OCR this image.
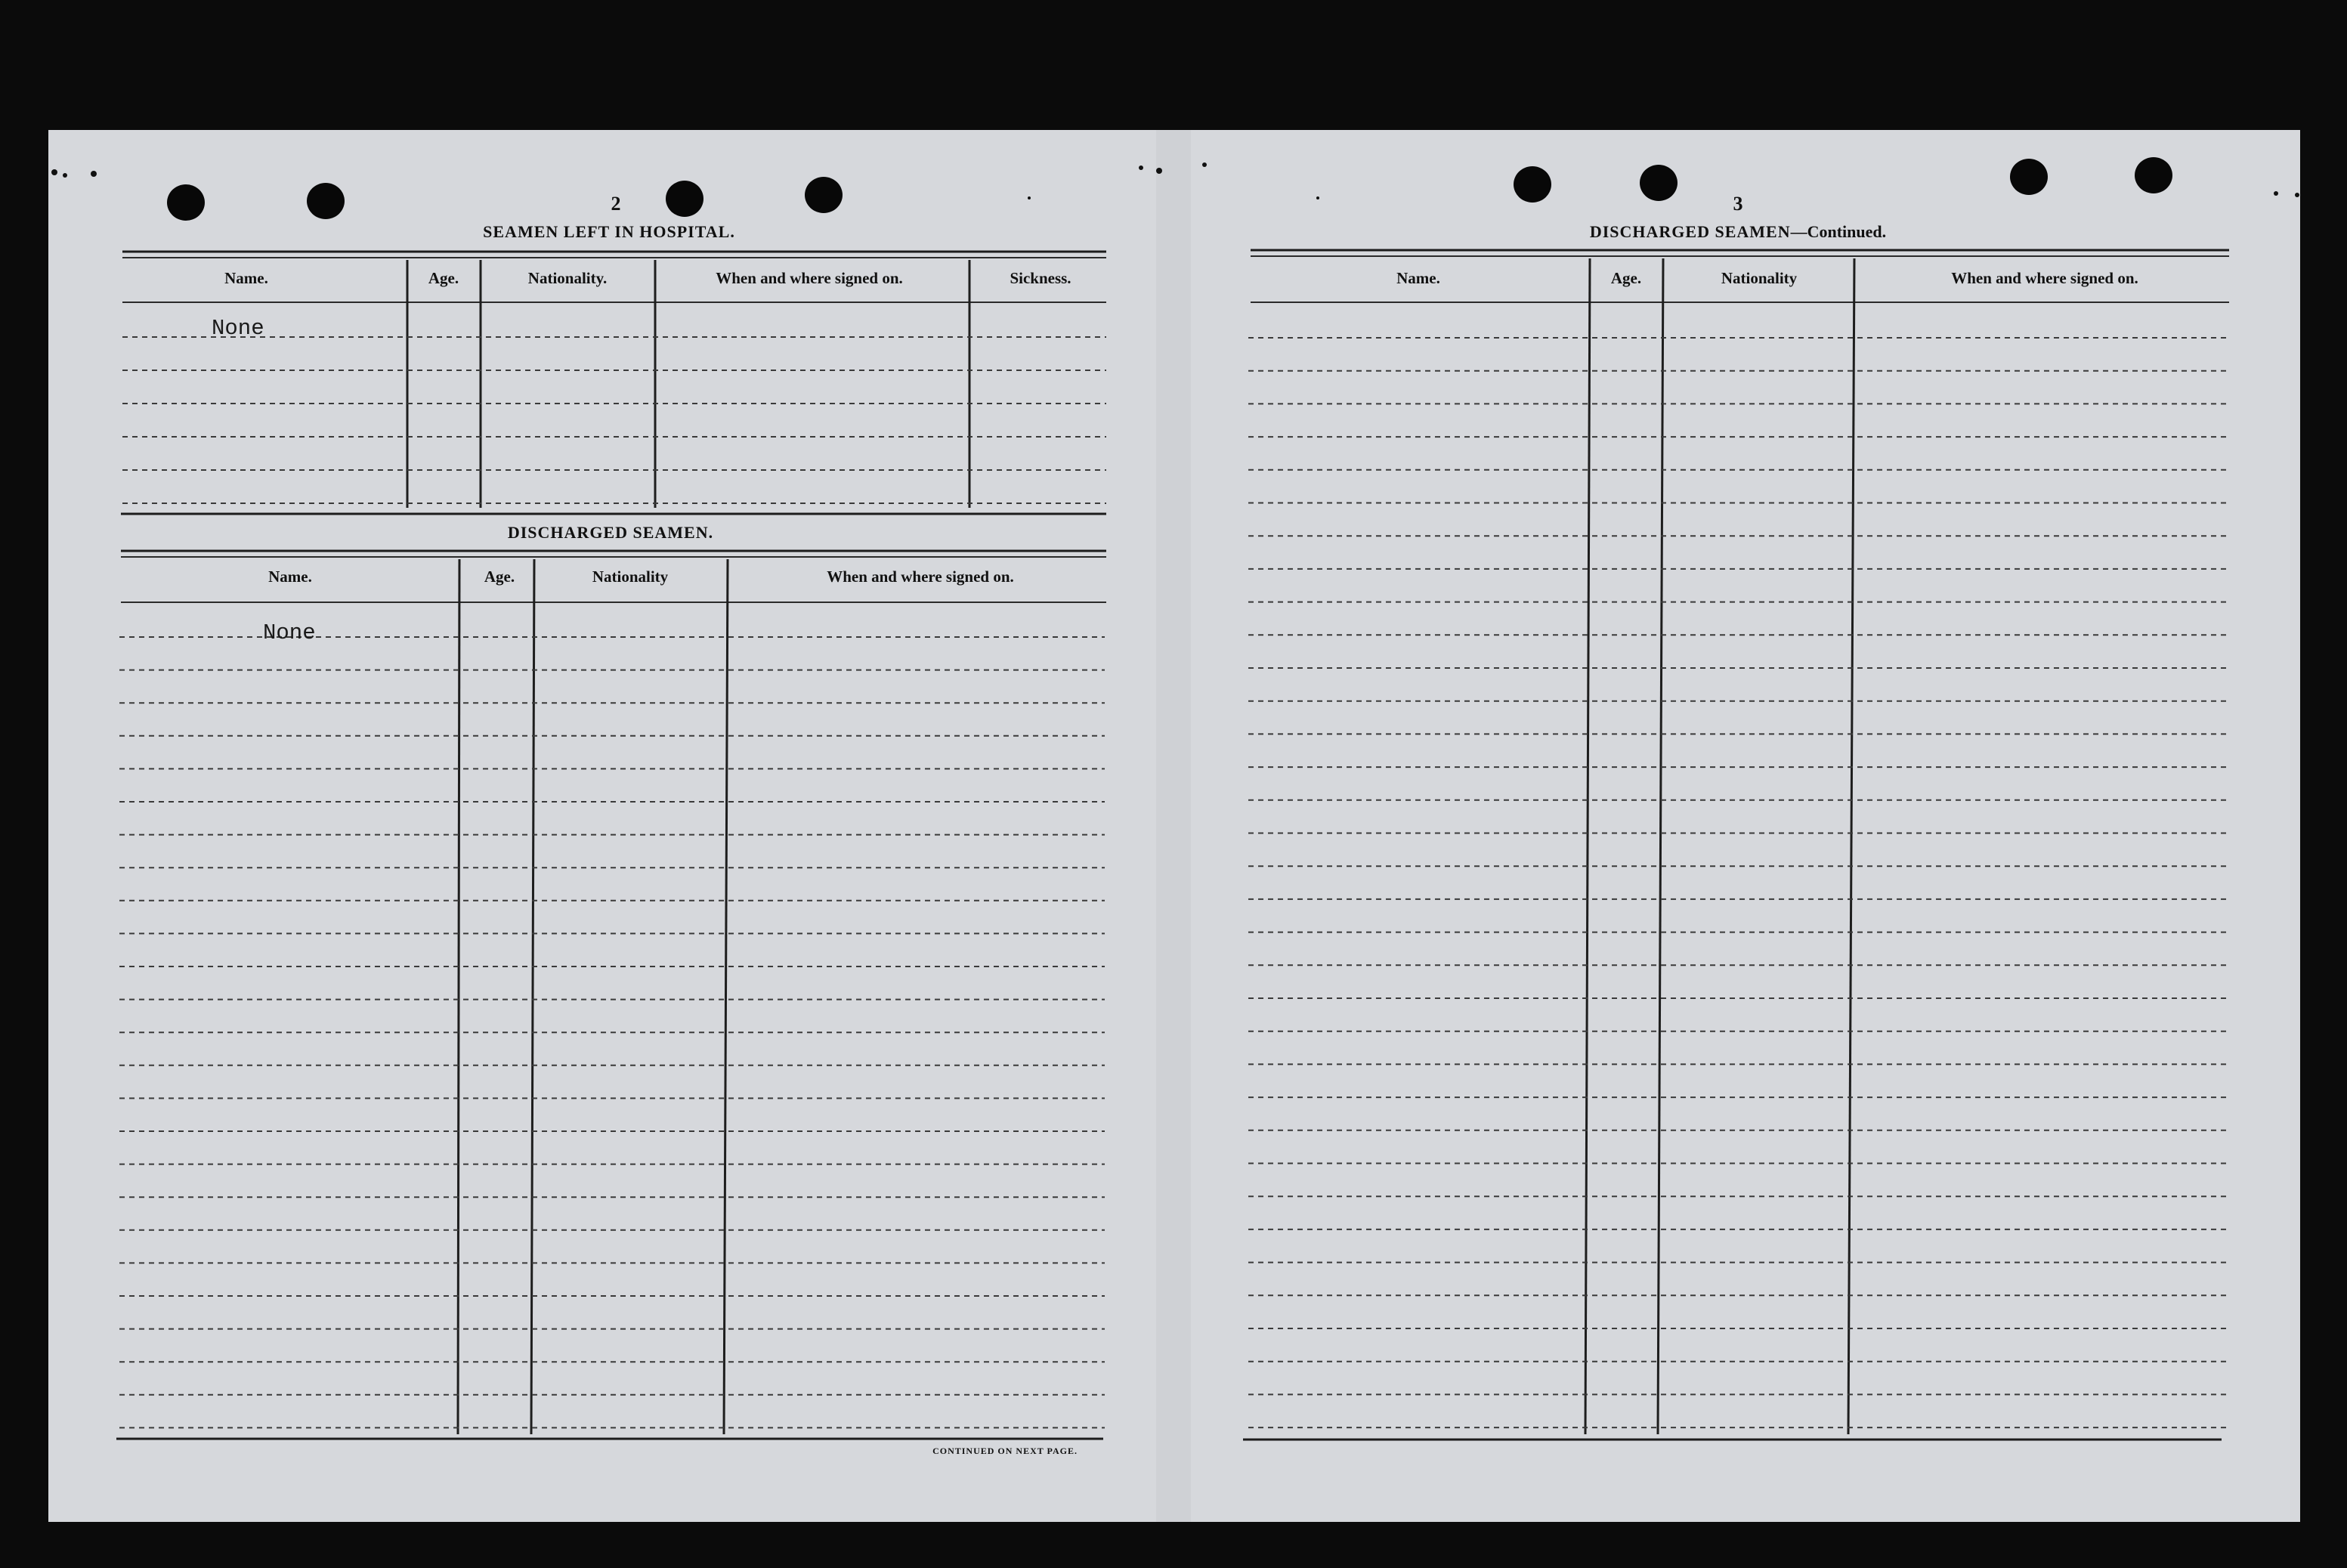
2
SEAMEN LEFT IN HOSPITAL.
Name.	Age.	Nationality.	When and where signed on.	Sickness.
None
DISCHARGED SEAMEN.
Name.	Age.	Nationality	When and where signed on.
None
CONTINUED ON NEXT PAGE.
3
DISCHARGED SEAMEN—Continued.
Name.	Age.	Nationality	When and where signed on.
